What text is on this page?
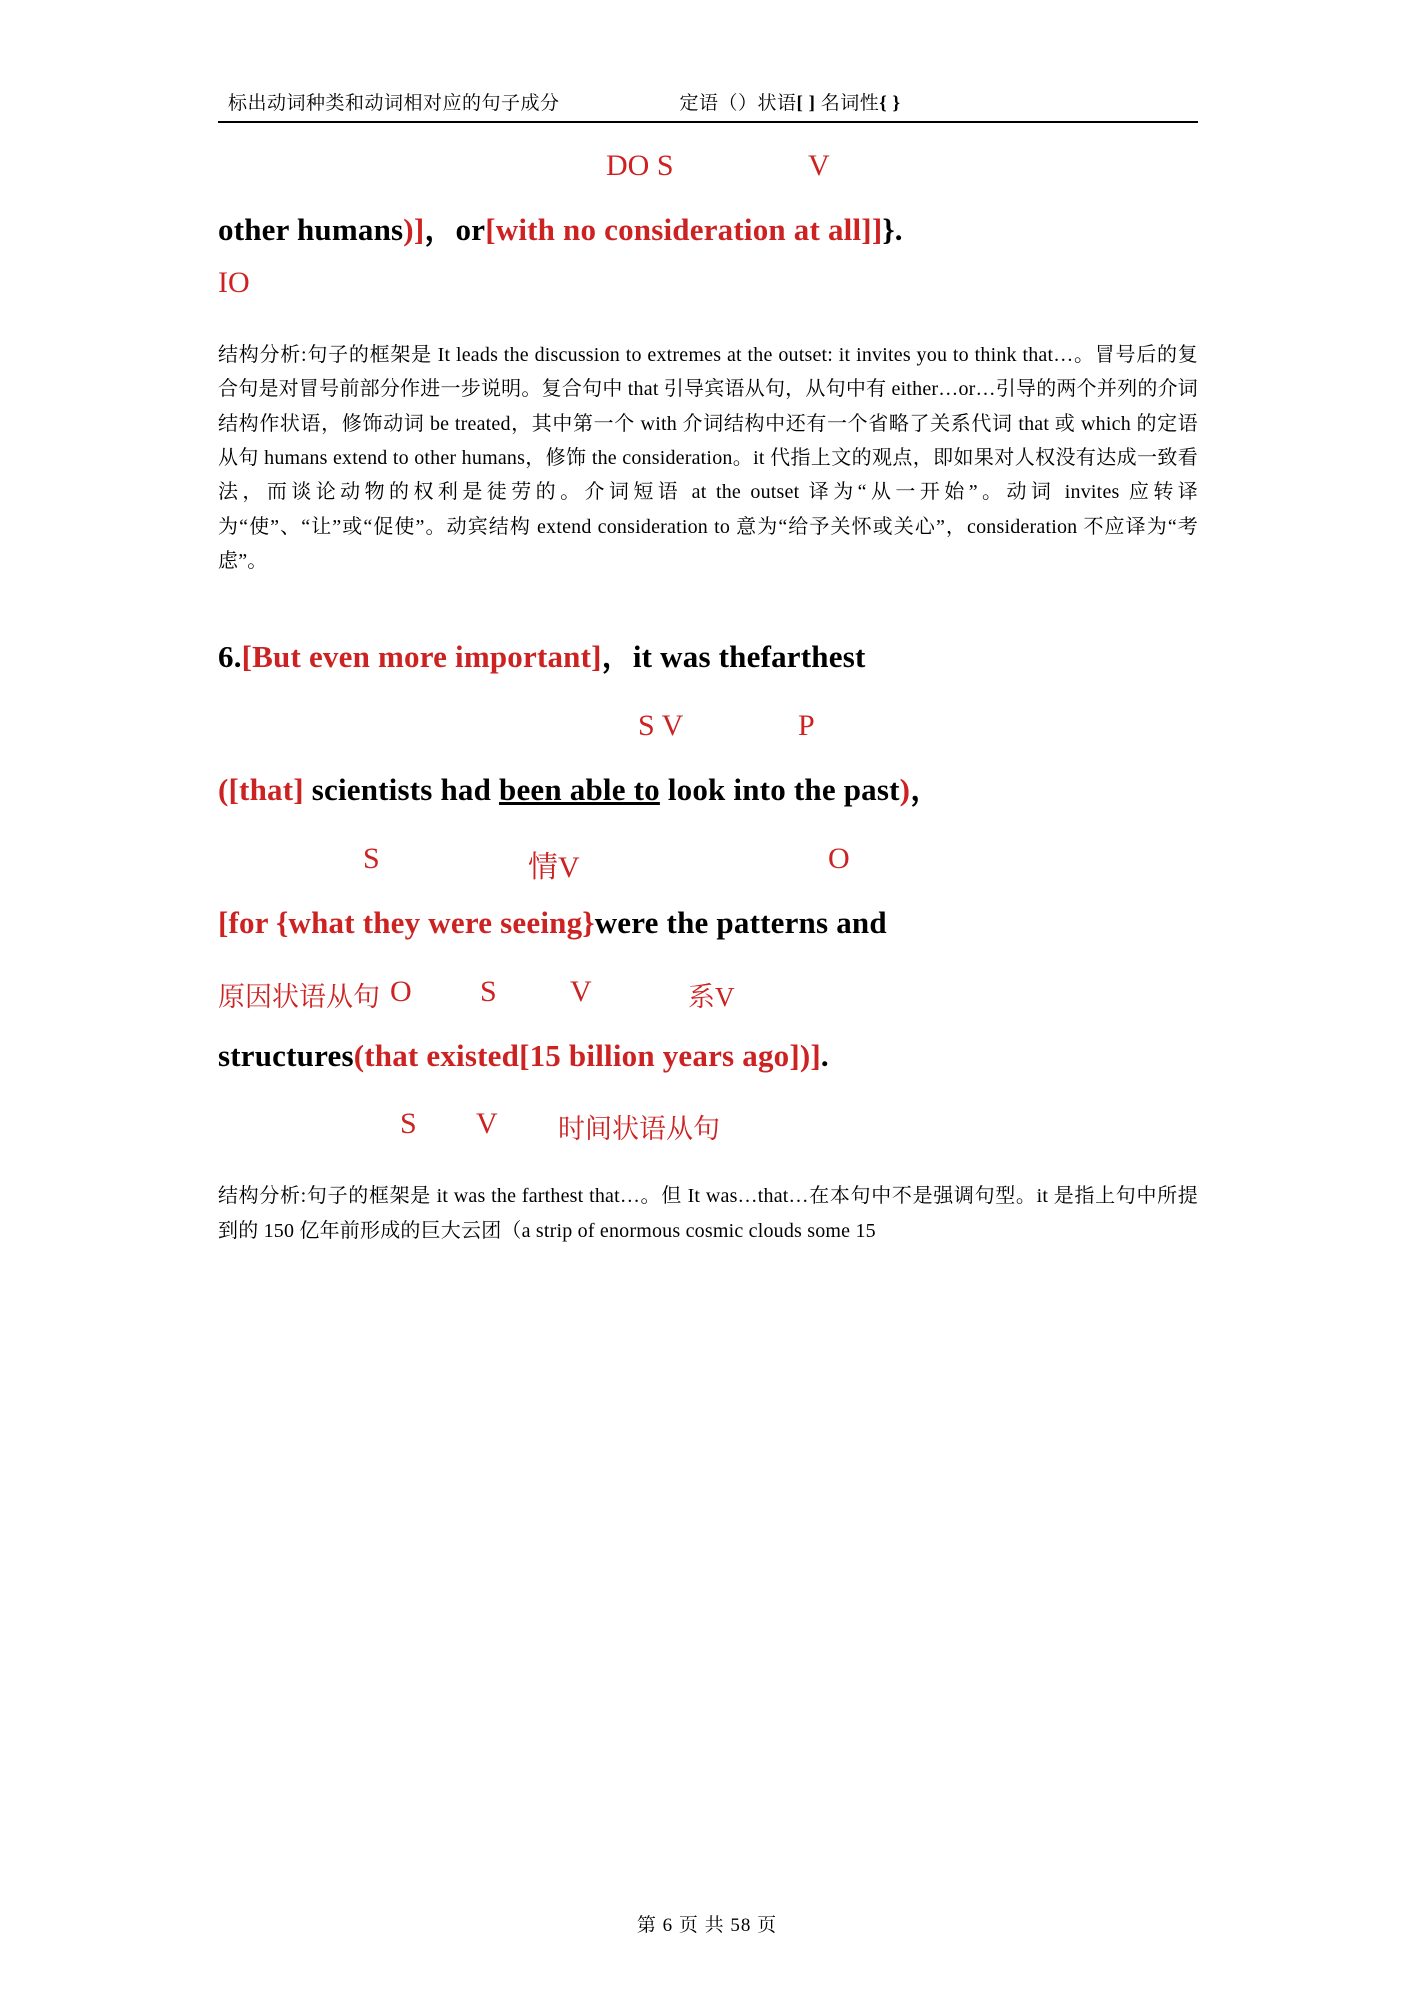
标出动词种类和动词相对应的句子成分	定语（）状语[ ] 名词性{ }
DO S	V
other humans)]，or[with no consideration at all]]}.
IO
结构分析:句子的框架是 It leads the discussion to extremes at the outset: it invites you to think that…。冒号后的复合句是对冒号前部分作进一步说明。复合句中 that 引导宾语从句，从句中有 either…or…引导的两个并列的介词结构作状语，修饰动词 be treated，其中第一个 with 介词结构中还有一个省略了关系代词 that 或 which 的定语从句 humans extend to other humans，修饰 the consideration。it 代指上文的观点，即如果对人权没有达成一致看法，而谈论动物的权利是徒劳的。介词短语 at the outset 译为“从一开始”。动词 invites 应转译为“使”、“让”或“促使”。动宾结构 extend consideration to 意为“给予关怀或关心”，consideration 不应译为“考虑”。
6.[But even more important]，it was thefarthest
S V	P
([that] scientists had been able to look into the past)，
S	情V	O
[for {what they were seeing}were the patterns and
原因状语从句 O S V	系V
structures(that existed[15 billion years ago])].
S V 时间状语从句
结构分析:句子的框架是 it was the farthest that…。但 It was…that…在本句中不是强调句型。it 是指上句中所提到的 150 亿年前形成的巨大云团（a strip of enormous cosmic clouds some 15
第 6 页 共 58 页
